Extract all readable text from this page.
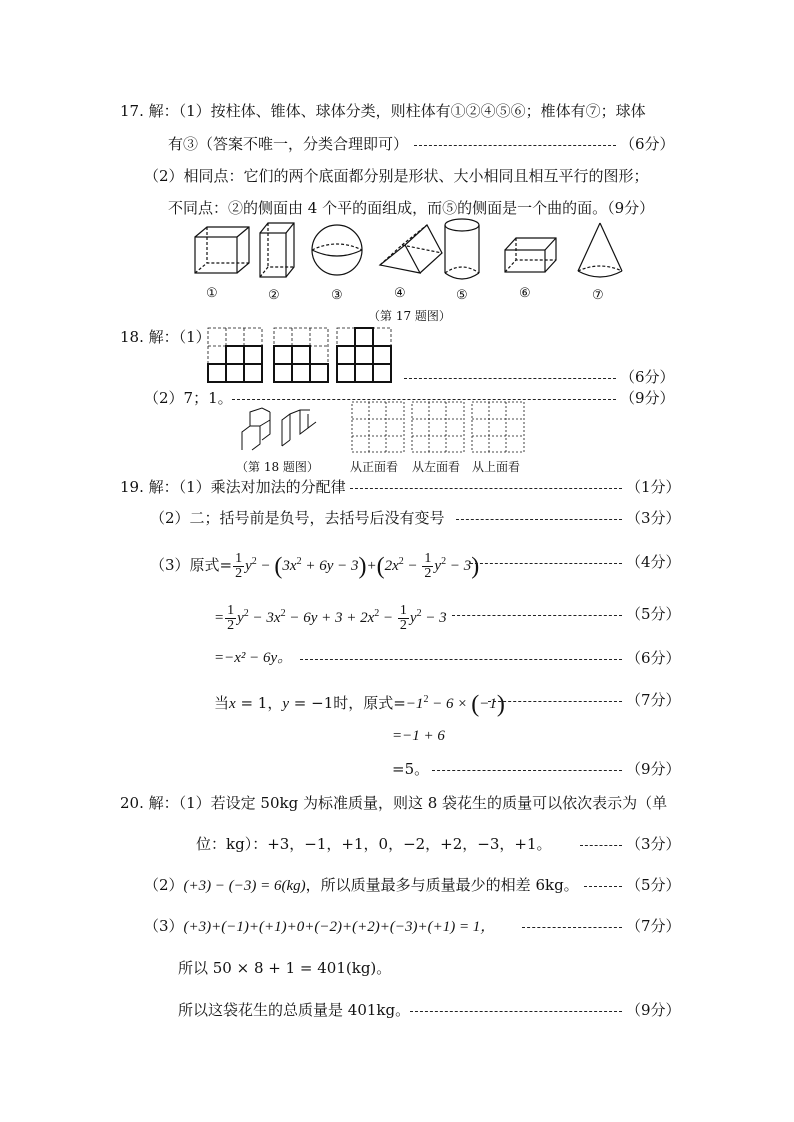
17. 解：（1）按柱体、锥体、球体分类，则柱体有①②④⑤⑥；椎体有⑦；球体
有③（答案不唯一，分类合理即可）	（6分）
（2）相同点：它们的两个底面都分别是形状、大小相同且相互平行的图形；
不同点：②的侧面由 4 个平的面组成，而⑤的侧面是一个曲的面。（9分）
①	②	③	④	⑤	⑥	⑦
（第 17 题图）
18. 解：（1）
（6分）
（2）7；1。	（9分）
（第 18 题图）	从正面看 从左面看 从上面看
19. 解：（1）乘法对加法的分配律	（1分）
（2）二；括号前是负号，去括号后没有变号	（3分）
（3）原式= $\frac{1}{2} y^2 - (3x^2 + 6y - 3)+(2x^2 - \frac{1}{2} y^2 - 3)$	（4分）
= $\frac{1}{2} y^2 - 3x^2 - 6y + 3 + 2x^2 - \frac{1}{2} y^2 - 3$	（5分）
=−x² − 6y。	（6分）
当x = 1，y = −1时，原式$=-1^2 - 6 \times (-1)$	（7分）
=−1 + 6
=5。	（9分）
20. 解：（1）若设定 50kg 为标准质量，则这 8 袋花生的质量可以依次表示为（单
位：kg）：+3，−1，+1，0，−2，+2，−3，+1。	（3分）
（2）(+3) − (−3) = 6(kg)，所以质量最多与质量最少的相差 6kg。	（5分）
（3）(+3)+(−1)+(+1)+0+(−2)+(+2)+(−3)+(+1) = 1，	（7分）
所以 50 × 8 + 1 = 401(kg)。
所以这袋花生的总质量是 401kg。	（9分）
